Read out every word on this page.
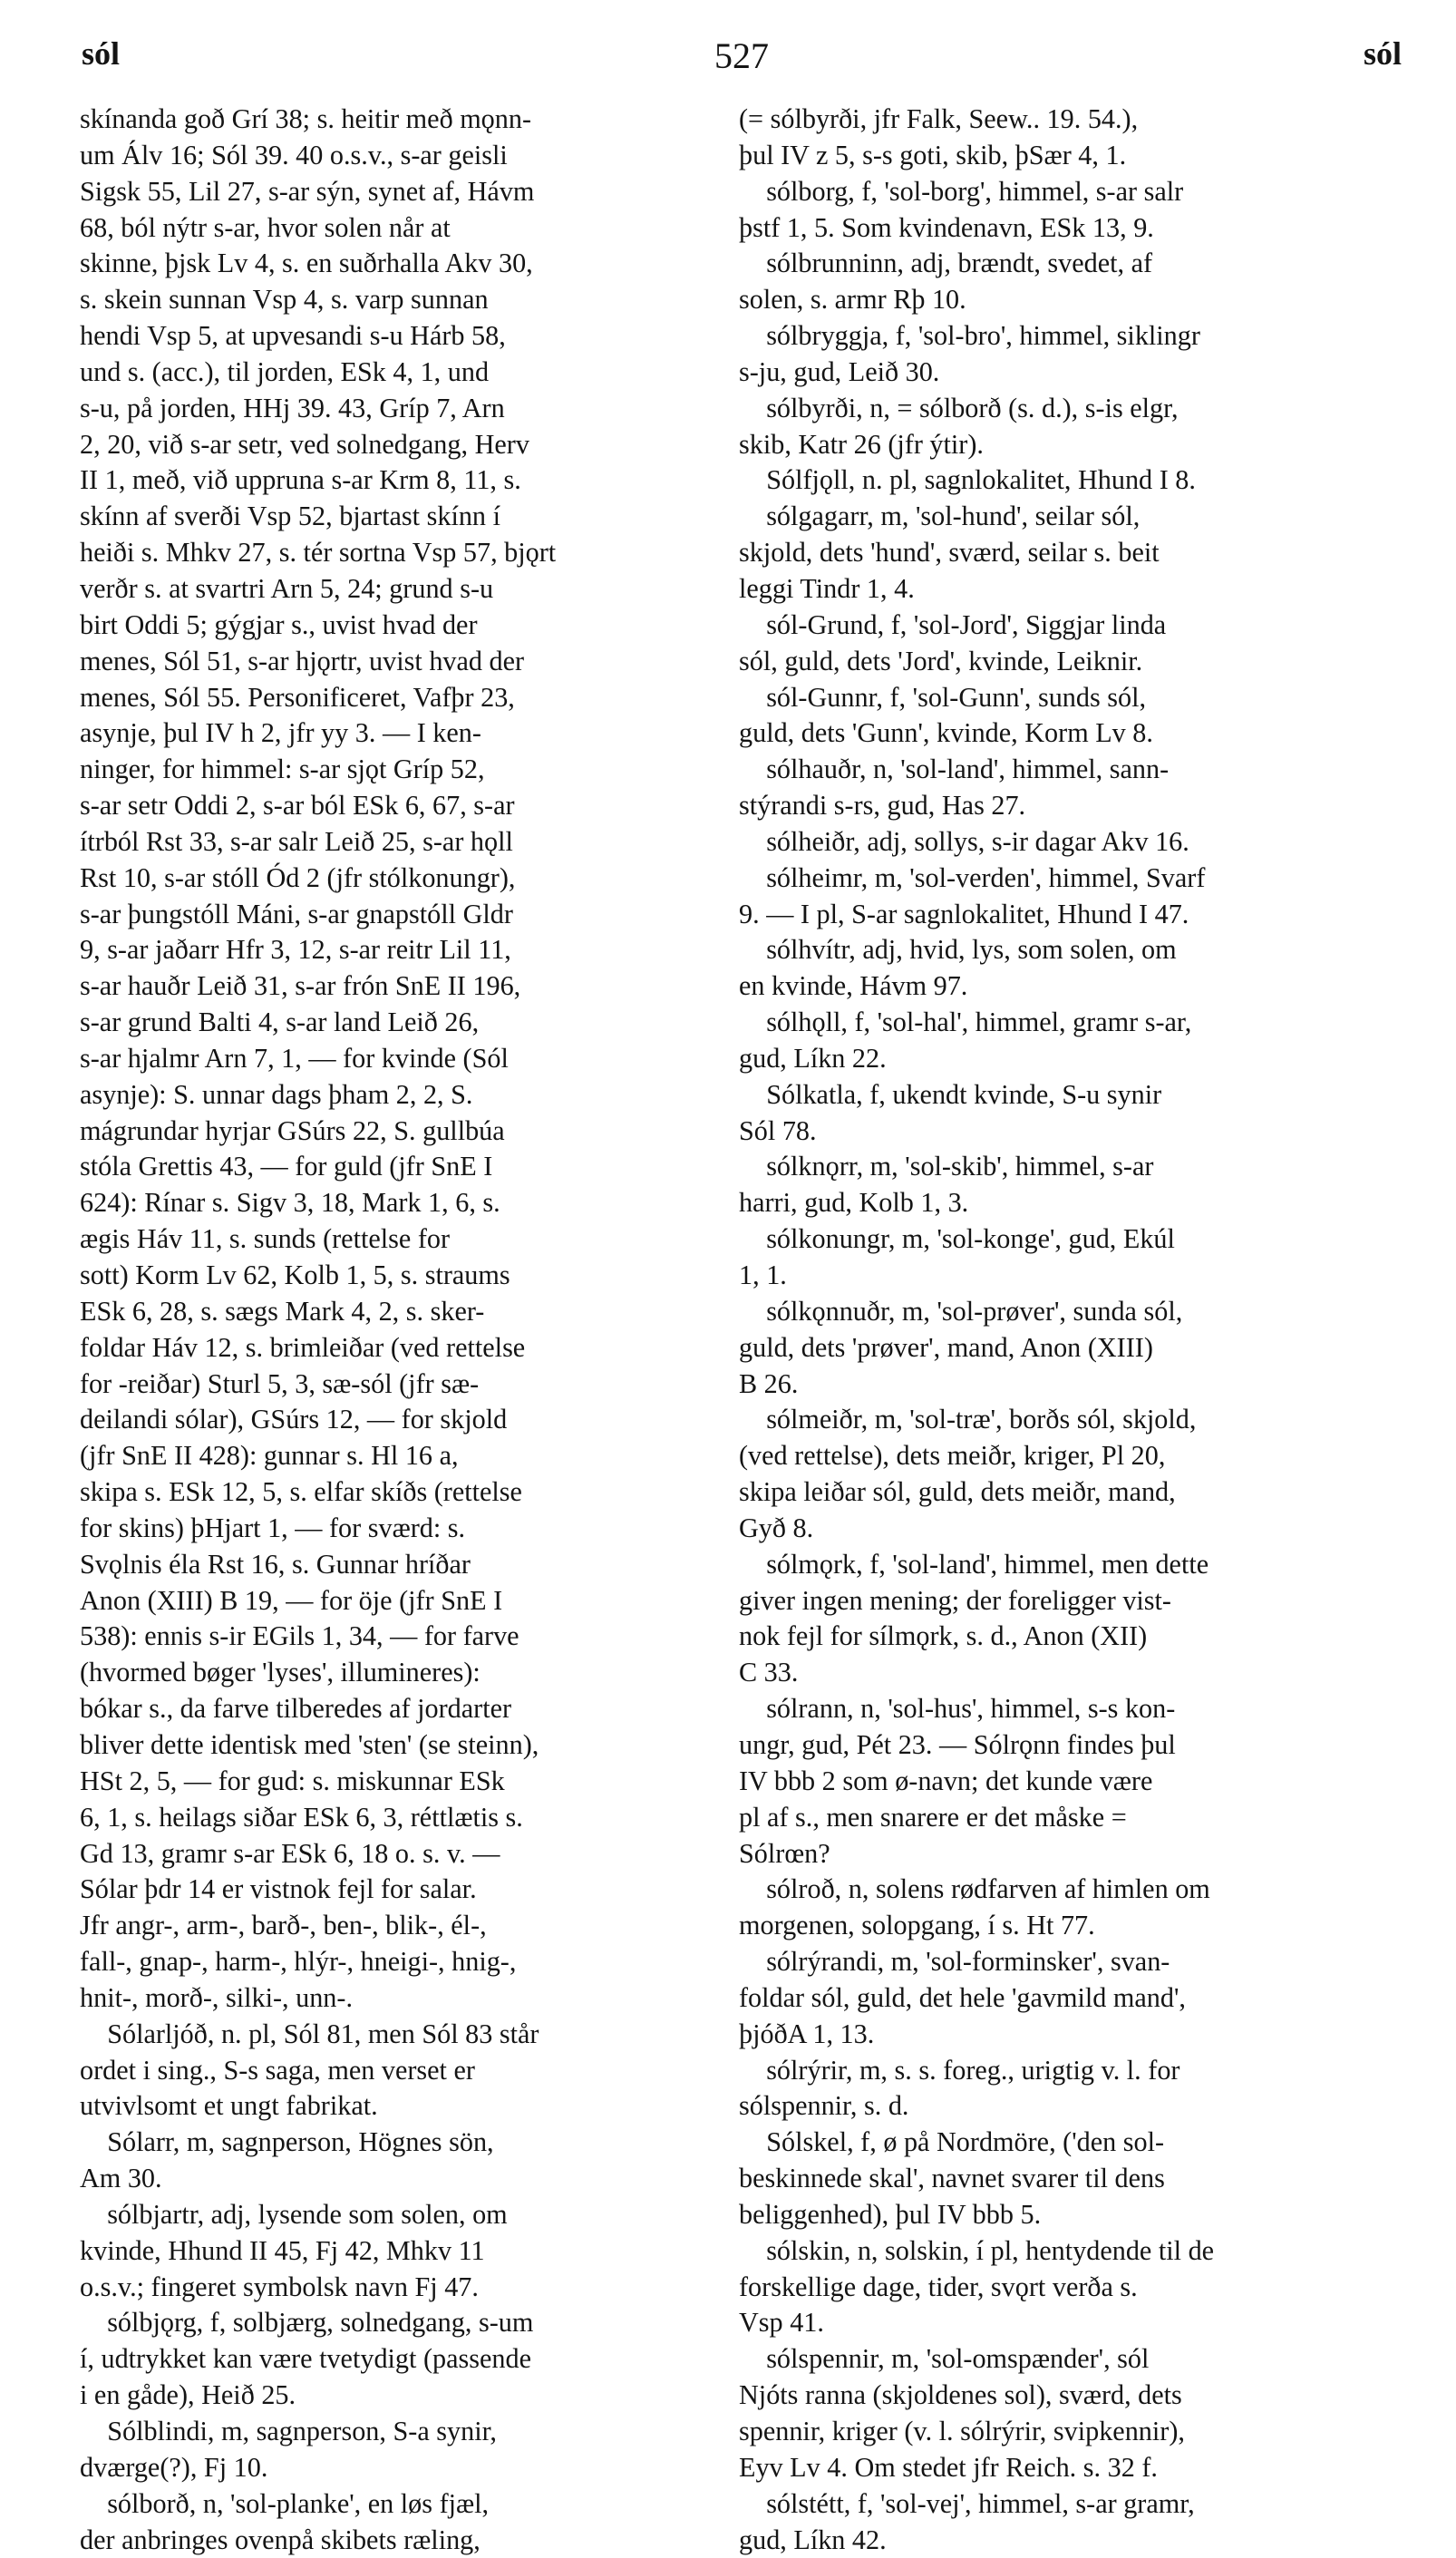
sól	527	sól
skínanda goð Grí 38; s. heitir með mǫnn-
um Álv 16; Sól 39. 40 o.s.v., s-ar geisli
Sigsk 55, Lil 27, s-ar sýn, synet af, Hávm
68, ból nýtr s-ar, hvor solen når at
skinne, þjsk Lv 4, s. en suðrhalla Akv 30,
s. skein sunnan Vsp 4, s. varp sunnan
hendi Vsp 5, at upvesandi s-u Hárb 58,
und s. (acc.), til jorden, ESk 4, 1, und
s-u, på jorden, HHj 39. 43, Gríp 7, Arn
2, 20, við s-ar setr, ved solnedgang, Herv
II 1, með, við uppruna s-ar Krm 8, 11, s.
skínn af sverði Vsp 52, bjartast skínn í
heiði s. Mhkv 27, s. tér sortna Vsp 57, bjǫrt
verðr s. at svartri Arn 5, 24; grund s-u
birt Oddi 5; gýgjar s., uvist hvad der
menes, Sól 51, s-ar hjǫrtr, uvist hvad der
menes, Sól 55. Personificeret, Vafþr 23,
asynje, þul IV h 2, jfr yy 3. — I ken-
ninger, for himmel: s-ar sjǫt Gríp 52,
s-ar setr Oddi 2, s-ar ból ESk 6, 67, s-ar
ítrból Rst 33, s-ar salr Leið 25, s-ar hǫll
Rst 10, s-ar stóll Ód 2 (jfr stólkonungr),
s-ar þungstóll Máni, s-ar gnapstóll Gldr
9, s-ar jaðarr Hfr 3, 12, s-ar reitr Lil 11,
s-ar hauðr Leið 31, s-ar frón SnE II 196,
s-ar grund Balti 4, s-ar land Leið 26,
s-ar hjalmr Arn 7, 1, — for kvinde (Sól
asynje): S. unnar dags þham 2, 2, S.
mágrundar hyrjar GSúrs 22, S. gullbúa
stóla Grettis 43, — for guld (jfr SnE I
624): Rínar s. Sigv 3, 18, Mark 1, 6, s.
ægis Háv 11, s. sunds (rettelse for
sott) Korm Lv 62, Kolb 1, 5, s. straums
ESk 6, 28, s. sægs Mark 4, 2, s. sker-
foldar Háv 12, s. brimleiðar (ved rettelse
for -reiðar) Sturl 5, 3, sæ-sól (jfr sæ-
deilandi sólar), GSúrs 12, — for skjold
(jfr SnE II 428): gunnar s. Hl 16 a,
skipa s. ESk 12, 5, s. elfar skíðs (rettelse
for skins) þHjart 1, — for sværd: s.
Svǫlnis éla Rst 16, s. Gunnar hríðar
Anon (XIII) B 19, — for öje (jfr SnE I
538): ennis s-ir EGils 1, 34, — for farve
(hvormed bøger 'lyses', illumineres):
bókar s., da farve tilberedes af jordarter
bliver dette identisk med 'sten' (se steinn),
HSt 2, 5, — for gud: s. miskunnar ESk
6, 1, s. heilags siðar ESk 6, 3, réttlætis s.
Gd 13, gramr s-ar ESk 6, 18 o. s. v. —
Sólar þdr 14 er vistnok fejl for salar.
Jfr angr-, arm-, barð-, ben-, blik-, él-,
fall-, gnap-, harm-, hlýr-, hneigi-, hnig-,
hnit-, morð-, silki-, unn-.
Sólarljóð, n. pl, Sól 81, men Sól 83 står
ordet i sing., S-s saga, men verset er
utvivlsomt et ungt fabrikat.
Sólarr, m, sagnperson, Högnes sön,
Am 30.
sólbjartr, adj, lysende som solen, om
kvinde, Hhund II 45, Fj 42, Mhkv 11
o.s.v.; fingeret symbolsk navn Fj 47.
sólbjǫrg, f, solbjærg, solnedgang, s-um
í, udtrykket kan være tvetydigt (passende
i en gåde), Heið 25.
Sólblindi, m, sagnperson, S-a synir,
dværge(?), Fj 10.
sólborð, n, 'sol-planke', en løs fjæl,
der anbringes ovenpå skibets ræling,
(= sólbyrði, jfr Falk, Seew.. 19. 54.),
þul IV z 5, s-s goti, skib, þSær 4, 1.
sólborg, f, 'sol-borg', himmel, s-ar salr
þstf 1, 5. Som kvindenavn, ESk 13, 9.
sólbrunninn, adj, brændt, svedet, af
solen, s. armr Rþ 10.
sólbryggja, f, 'sol-bro', himmel, siklingr
s-ju, gud, Leið 30.
sólbyrði, n, = sólborð (s. d.), s-is elgr,
skib, Katr 26 (jfr ýtir).
Sólfjǫll, n. pl, sagnlokalitet, Hhund I 8.
sólgagarr, m, 'sol-hund', seilar sól,
skjold, dets 'hund', sværd, seilar s. beit
leggi Tindr 1, 4.
sól-Grund, f, 'sol-Jord', Siggjar linda
sól, guld, dets 'Jord', kvinde, Leiknir.
sól-Gunnr, f, 'sol-Gunn', sunds sól,
guld, dets 'Gunn', kvinde, Korm Lv 8.
sólhauðr, n, 'sol-land', himmel, sann-
stýrandi s-rs, gud, Has 27.
sólheiðr, adj, sollys, s-ir dagar Akv 16.
sólheimr, m, 'sol-verden', himmel, Svarf
9. — I pl, S-ar sagnlokalitet, Hhund I 47.
sólhvítr, adj, hvid, lys, som solen, om
en kvinde, Hávm 97.
sólhǫll, f, 'sol-hal', himmel, gramr s-ar,
gud, Líkn 22.
Sólkatla, f, ukendt kvinde, S-u synir
Sól 78.
sólknǫrr, m, 'sol-skib', himmel, s-ar
harri, gud, Kolb 1, 3.
sólkonungr, m, 'sol-konge', gud, Ekúl
1, 1.
sólkǫnnuðr, m, 'sol-prøver', sunda sól,
guld, dets 'prøver', mand, Anon (XIII)
B 26.
sólmeiðr, m, 'sol-træ', borðs sól, skjold,
(ved rettelse), dets meiðr, kriger, Pl 20,
skipa leiðar sól, guld, dets meiðr, mand,
Gyð 8.
sólmǫrk, f, 'sol-land', himmel, men dette
giver ingen mening; der foreligger vist-
nok fejl for sílmǫrk, s. d., Anon (XII)
C 33.
sólrann, n, 'sol-hus', himmel, s-s kon-
ungr, gud, Pét 23. — Sólrǫnn findes þul
IV bbb 2 som ø-navn; det kunde være
pl af s., men snarere er det måske =
Sólrœn?
sólroð, n, solens rødfarven af himlen om
morgenen, solopgang, í s. Ht 77.
sólrýrandi, m, 'sol-forminsker', svan-
foldar sól, guld, det hele 'gavmild mand',
þjóðA 1, 13.
sólrýrir, m, s. s. foreg., urigtig v. l. for
sólspennir, s. d.
Sólskel, f, ø på Nordmöre, ('den sol-
beskinnede skal', navnet svarer til dens
beliggenhed), þul IV bbb 5.
sólskin, n, solskin, í pl, hentydende til de
forskellige dage, tider, svǫrt verða s.
Vsp 41.
sólspennir, m, 'sol-omspænder', sól
Njóts ranna (skjoldenes sol), sværd, dets
spennir, kriger (v. l. sólrýrir, svipkennir),
Eyv Lv 4. Om stedet jfr Reich. s. 32 f.
sólstétt, f, 'sol-vej', himmel, s-ar gramr,
gud, Líkn 42.
